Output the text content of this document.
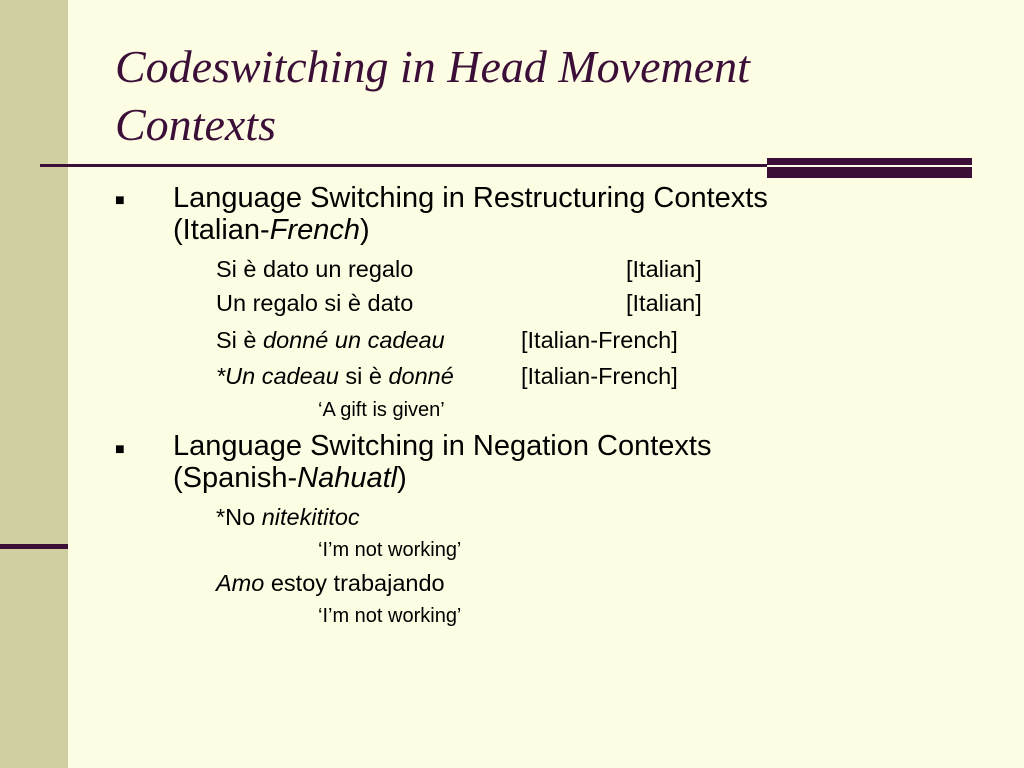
Codeswitching in Head Movement
Contexts
■ Language Switching in Restructuring Contexts
(Italian-French)
Si è dato un regalo	[Italian]
Un regalo si è dato	[Italian]
Si è donné un cadeau	[Italian-French]
*Un cadeau si è donné	[Italian-French]
‘A gift is given’
■ Language Switching in Negation Contexts
(Spanish-Nahuatl)
*No nitekititoc
‘I’m not working’
Amo estoy trabajando
‘I’m not working’
